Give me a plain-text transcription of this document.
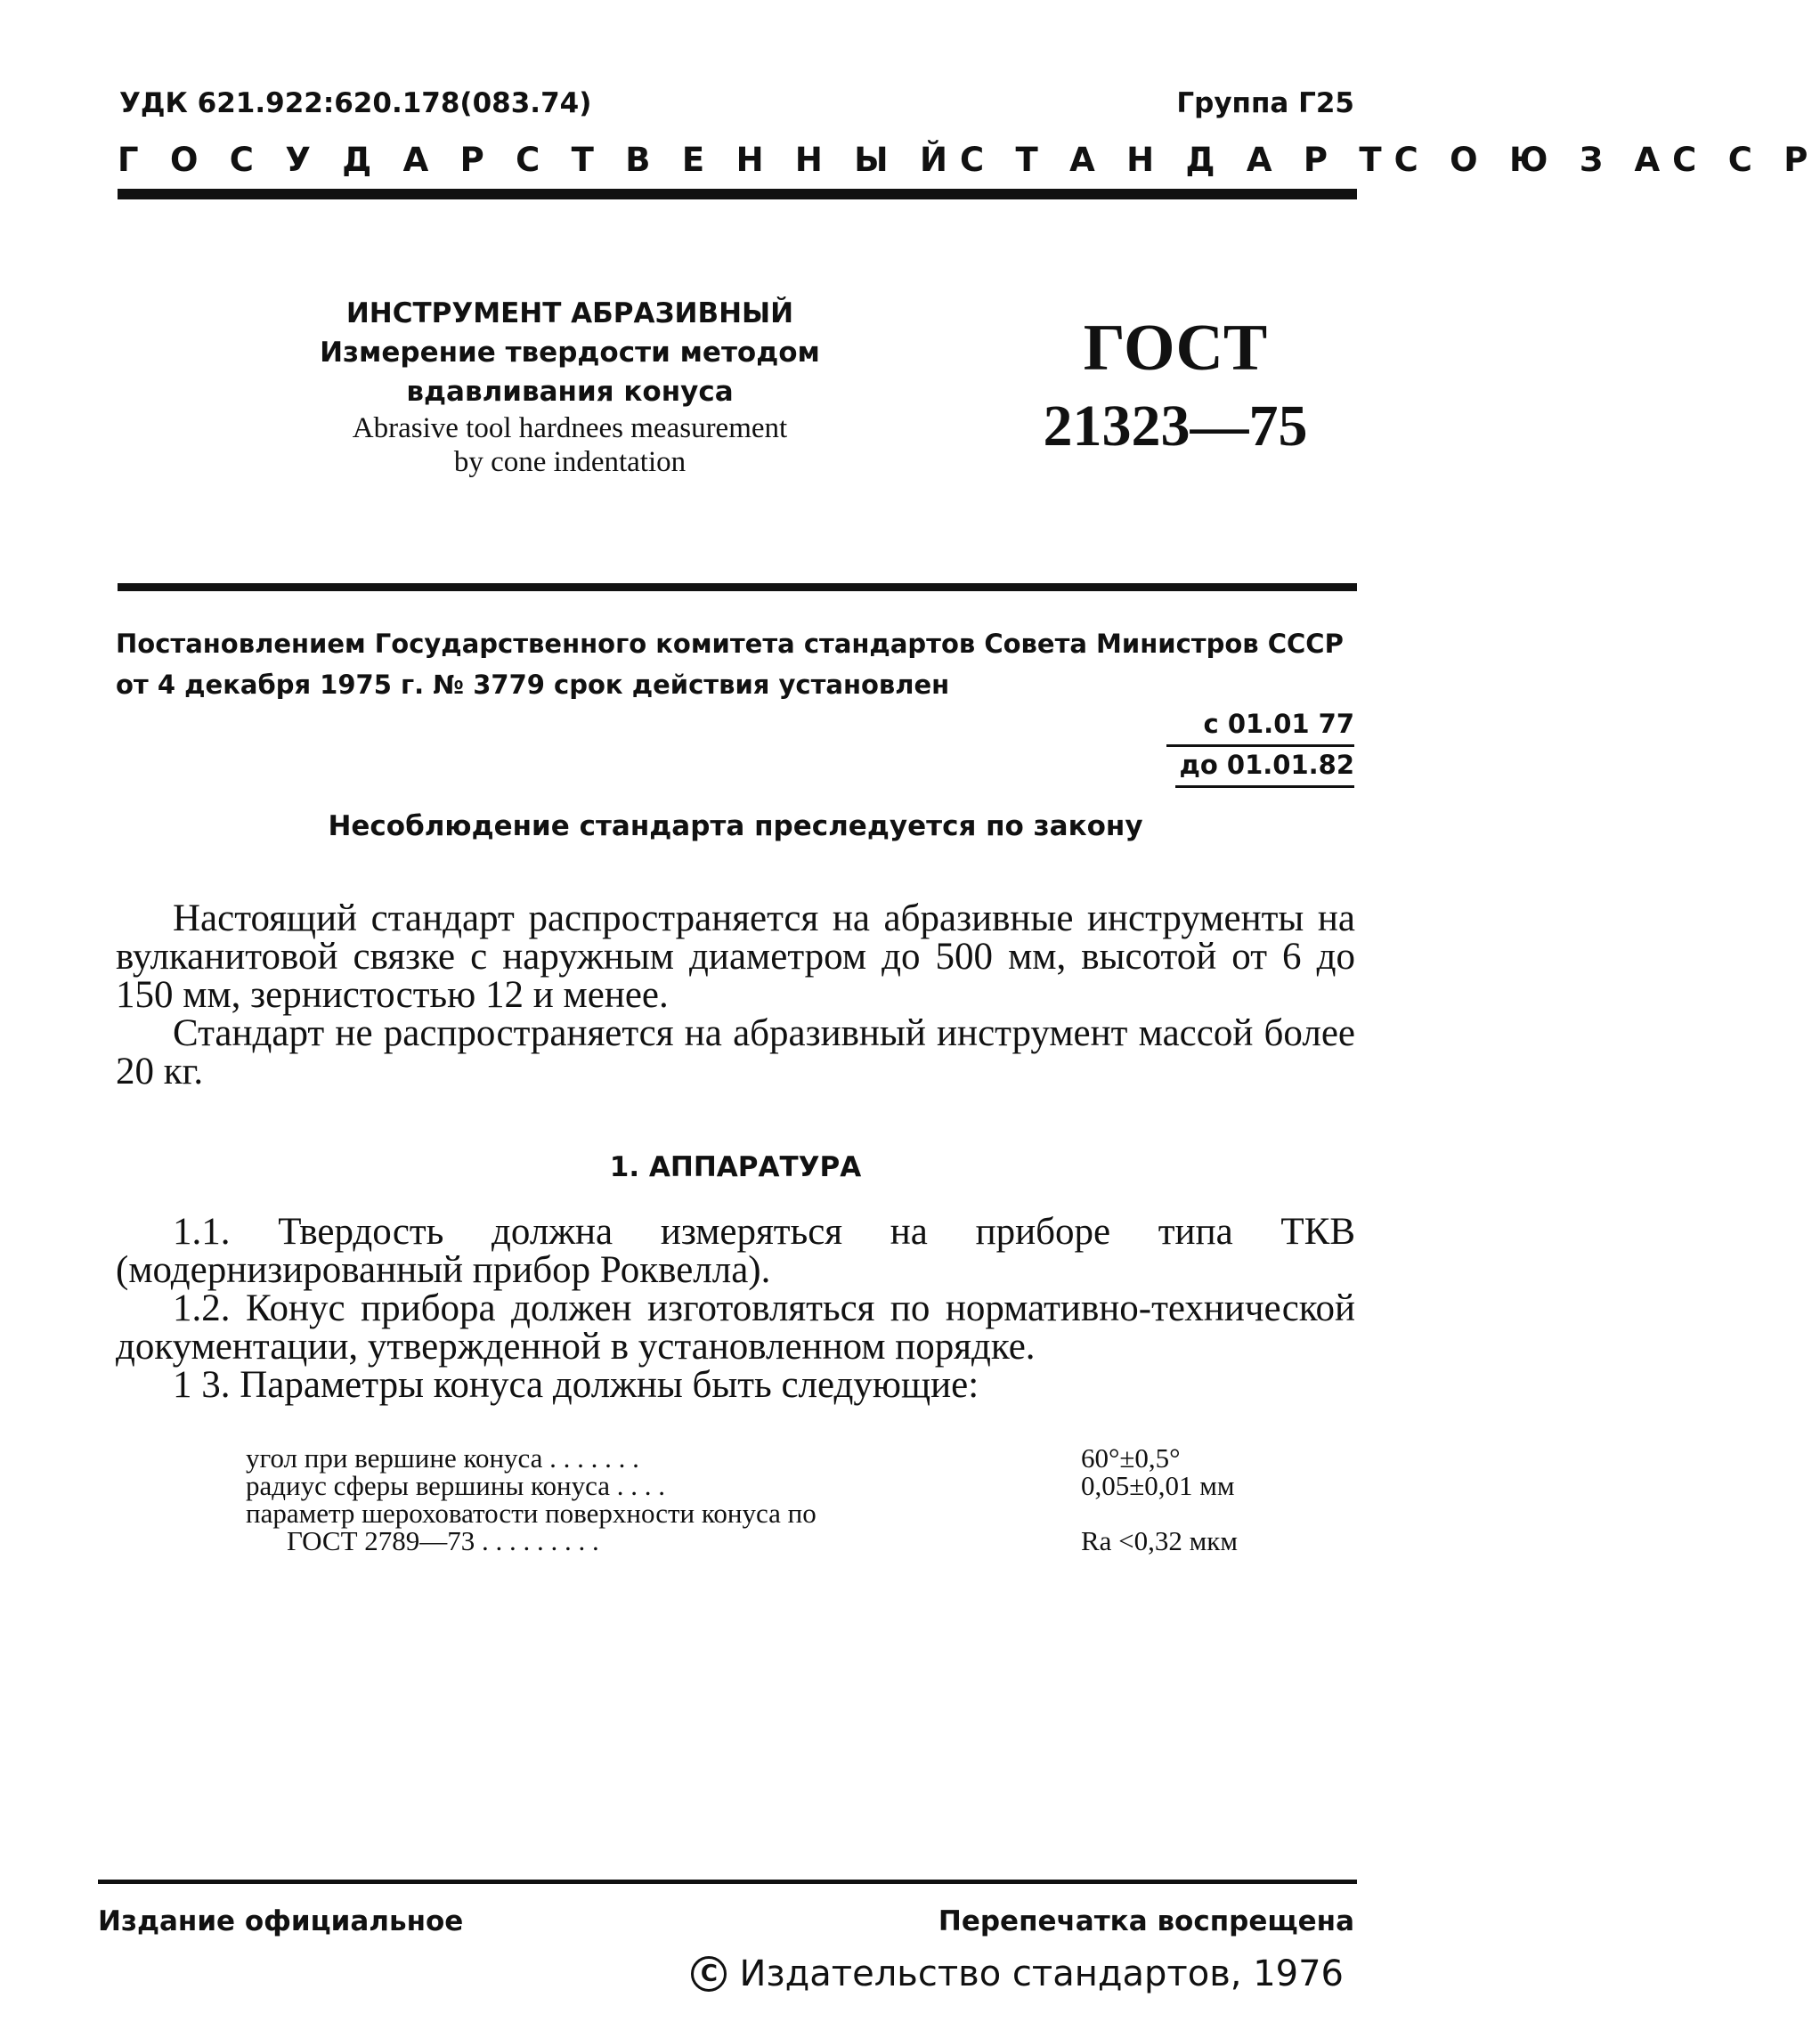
УДК 621.922:620.178(083.74)	Группа Г25
Г О С У Д А Р С Т В Е Н Н Ы Й С Т А Н Д А Р Т С О Ю З А С С Р
ИНСТРУМЕНТ АБРАЗИВНЫЙ
Измерение твердости методом
вдавливания конуса
Abrasive tool hardnees measurement
by cone indentation
ГОСТ
21323—75
Постановлением Государственного комитета стандартов Совета Министров СССР
от 4 декабря 1975 г. № 3779 срок действия установлен
с 01.01 77
до 01.01.82
Несоблюдение стандарта преследуется по закону
Настоящий стандарт распространяется на абразивные инструменты на вулканитовой связке с наружным диаметром до 500 мм, высотой от 6 до 150 мм, зернистостью 12 и менее.
Стандарт не распространяется на абразивный инструмент массой более 20 кг.
1. АППАРАТУРА
1.1. Твердость должна измеряться на приборе типа ТКВ (модернизированный прибор Роквелла).
1.2. Конус прибора должен изготовляться по нормативно-технической документации, утвержденной в установленном порядке.
1 3. Параметры конуса должны быть следующие:
угол при вершине конуса . . . . . . .	60°±0,5°
радиус сферы вершины конуса . . . .	0,05±0,01 мм
параметр шероховатости поверхности конуса по	
ГОСТ 2789—73 . . . . . . . . .	Ra <0,32 мкм
Издание официальное	Перепечатка воспрещена
C Издательство стандартов, 1976
